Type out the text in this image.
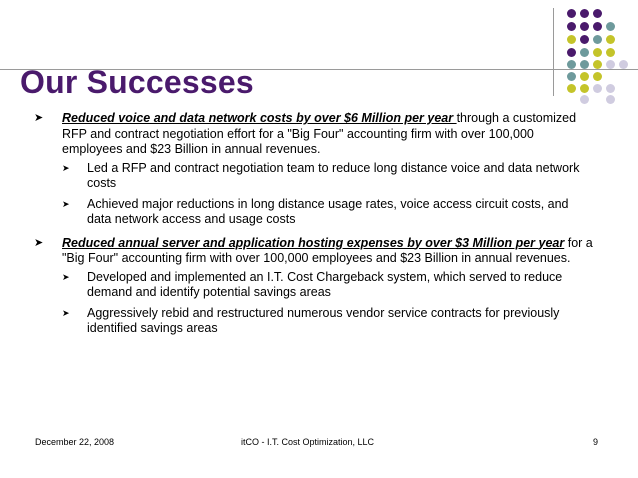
Our Successes
➤ Reduced voice and data network costs by over $6 Million per year through a customized RFP and contract negotiation effort for a "Big Four" accounting firm with over 100,000 employees and $23 Billion in annual revenues.
➤ Led a RFP and contract negotiation team to reduce long distance voice and data network costs
➤ Achieved major reductions in long distance usage rates, voice access circuit costs, and data network access and usage costs
➤ Reduced annual server and application hosting expenses by over $3 Million per year for a "Big Four" accounting firm with over 100,000 employees and $23 Billion in annual revenues.
➤ Developed and implemented an I.T. Cost Chargeback system, which served to reduce demand and identify potential savings areas
➤ Aggressively rebid and restructured numerous vendor service contracts for previously identified savings areas
December 22, 2008	itCO - I.T. Cost Optimization, LLC	9
